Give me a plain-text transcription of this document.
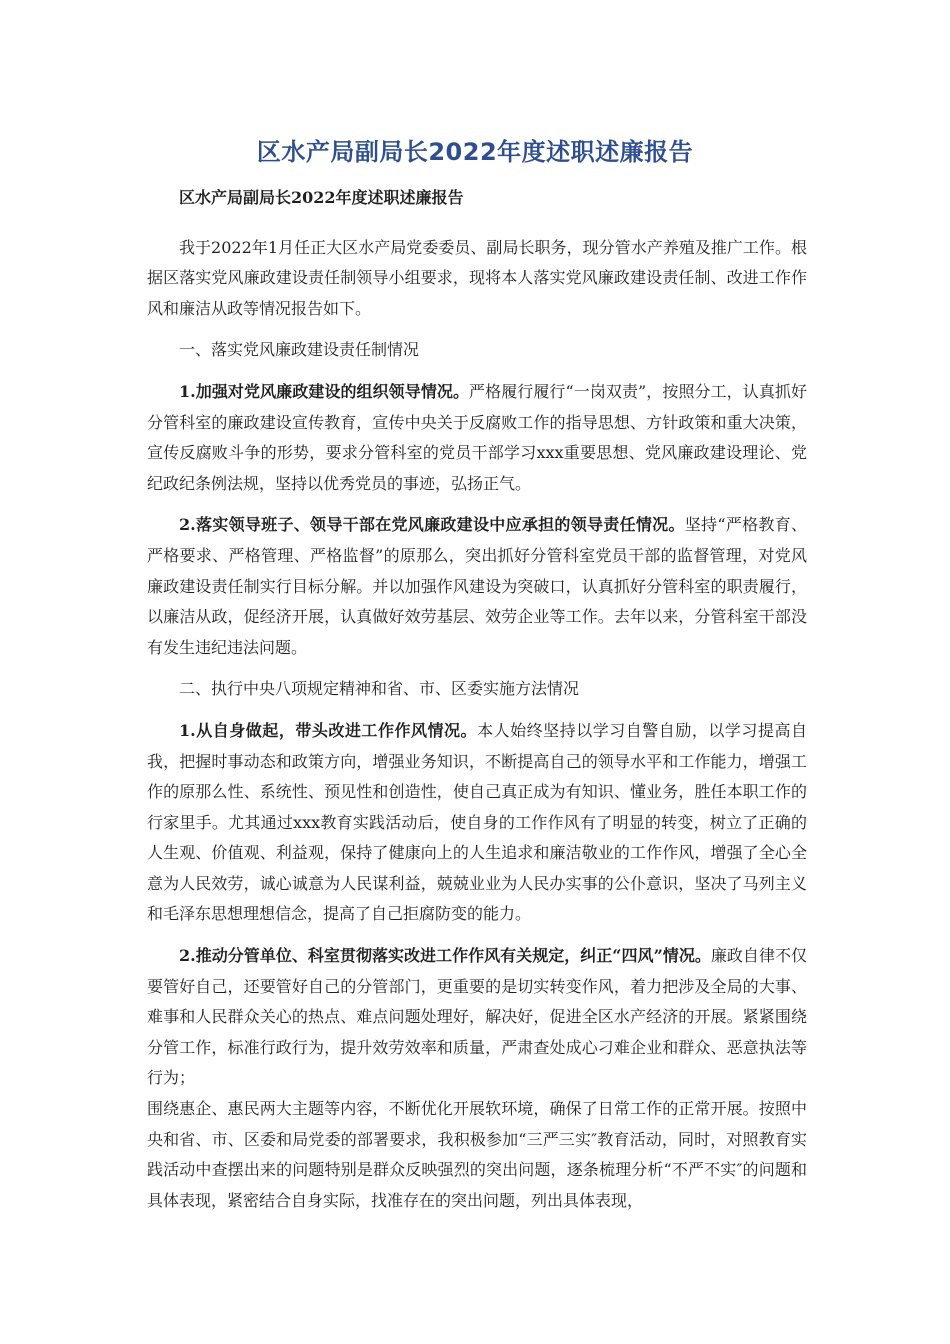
区水产局副局长2022年度述职述廉报告

区水产局副局长2022年度述职述廉报告

我于2022年1月任正大区水产局党委委员、副局长职务，现分管水产养殖及推广工作。根据区落实党风廉政建设责任制领导小组要求，现将本人落实党风廉政建设责任制、改进工作作风和廉洁从政等情况报告如下。

一、落实党风廉政建设责任制情况

1.加强对党风廉政建设的组织领导情况。严格履行履行“一岗双责”，按照分工，认真抓好分管科室的廉政建设宣传教育，宣传中央关于反腐败工作的指导思想、方针政策和重大决策，宣传反腐败斗争的形势，要求分管科室的党员干部学习xxx重要思想、党风廉政建设理论、党纪政纪条例法规，坚持以优秀党员的事迹，弘扬正气。

2.落实领导班子、领导干部在党风廉政建设中应承担的领导责任情况。坚持“严格教育、严格要求、严格管理、严格监督”的原那么，突出抓好分管科室党员干部的监督管理，对党风廉政建设责任制实行目标分解。并以加强作风建设为突破口，认真抓好分管科室的职责履行，以廉洁从政，促经济开展，认真做好效劳基层、效劳企业等工作。去年以来，分管科室干部没有发生违纪违法问题。

二、执行中央八项规定精神和省、市、区委实施方法情况

1.从自身做起，带头改进工作作风情况。本人始终坚持以学习自警自励，以学习提高自我，把握时事动态和政策方向，增强业务知识，不断提高自己的领导水平和工作能力，增强工作的原那么性、系统性、预见性和创造性，使自己真正成为有知识、懂业务，胜任本职工作的行家里手。尤其通过xxx教育实践活动后，使自身的工作作风有了明显的转变，树立了正确的人生观、价值观、利益观，保持了健康向上的人生追求和廉洁敬业的工作作风，增强了全心全意为人民效劳，诚心诚意为人民谋利益，兢兢业业为人民办实事的公仆意识，坚决了马列主义和毛泽东思想理想信念，提高了自己拒腐防变的能力。

2.推动分管单位、科室贯彻落实改进工作作风有关规定，纠正“四风”情况。廉政自律不仅要管好自己，还要管好自己的分管部门，更重要的是切实转变作风，着力把涉及全局的大事、难事和人民群众关心的热点、难点问题处理好，解决好，促进全区水产经济的开展。紧紧围绕分管工作，标准行政行为，提升效劳效率和质量，严肃查处成心刁难企业和群众、恶意执法等行为；

围绕惠企、惠民两大主题等内容，不断优化开展软环境，确保了日常工作的正常开展。按照中央和省、市、区委和局党委的部署要求，我积极参加“三严三实″教育活动，同时，对照教育实践活动中查摆出来的问题特别是群众反映强烈的突出问题，逐条梳理分析“不严不实″的问题和具体表现，紧密结合自身实际，找准存在的突出问题，列出具体表现，
